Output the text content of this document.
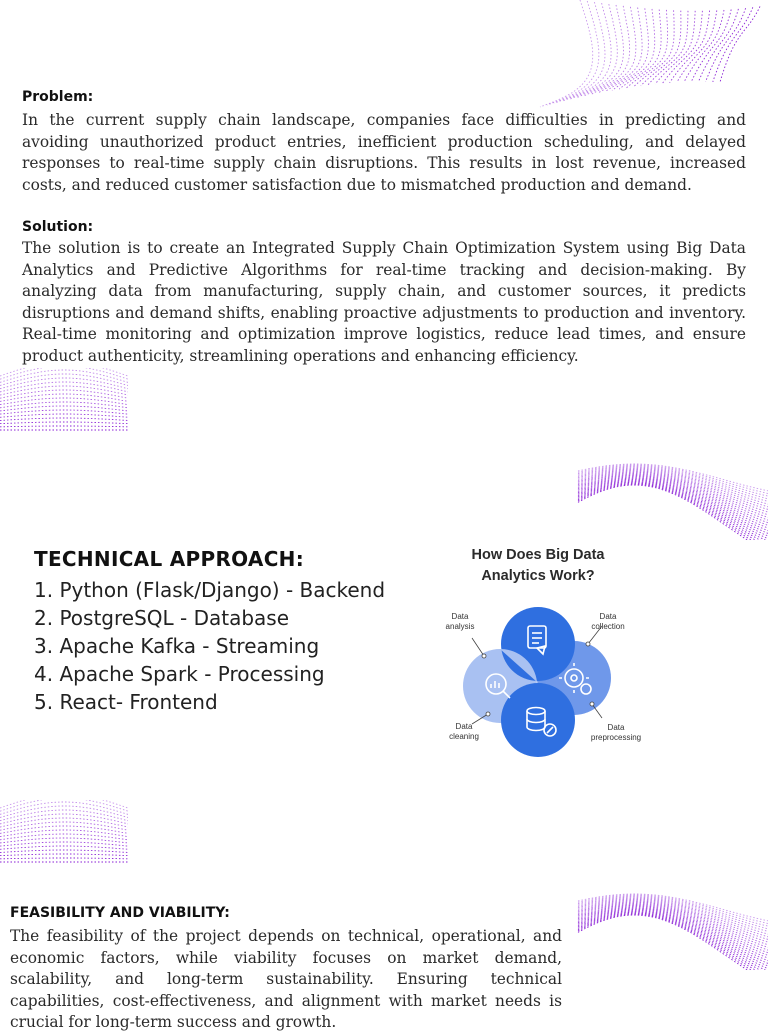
Problem:

In the current supply chain landscape, companies face difficulties in predicting and avoiding unauthorized product entries, inefficient production scheduling, and delayed responses to real-time supply chain disruptions. This results in lost revenue, increased costs, and reduced customer satisfaction due to mismatched production and demand.

Solution:

The solution is to create an Integrated Supply Chain Optimization System using Big Data Analytics and Predictive Algorithms for real-time tracking and decision-making. By analyzing data from manufacturing, supply chain, and customer sources, it predicts disruptions and demand shifts, enabling proactive adjustments to production and inventory. Real-time monitoring and optimization improve logistics, reduce lead times, and ensure product authenticity, streamlining operations and enhancing efficiency.

TECHNICAL APPROACH:
1. Python (Flask/Django) - Backend
2. PostgreSQL - Database
3. Apache Kafka - Streaming
4. Apache Spark - Processing
5. React- Frontend
How Does Big Data
Analytics Work?
Data
analysis
Data
collection
Data
cleaning
Data
preprocessing
FEASIBILITY AND VIABILITY:

The feasibility of the project depends on technical, operational, and economic factors, while viability focuses on market demand, scalability, and long-term sustainability. Ensuring technical capabilities, cost-effectiveness, and alignment with market needs is crucial for long-term success and growth.
